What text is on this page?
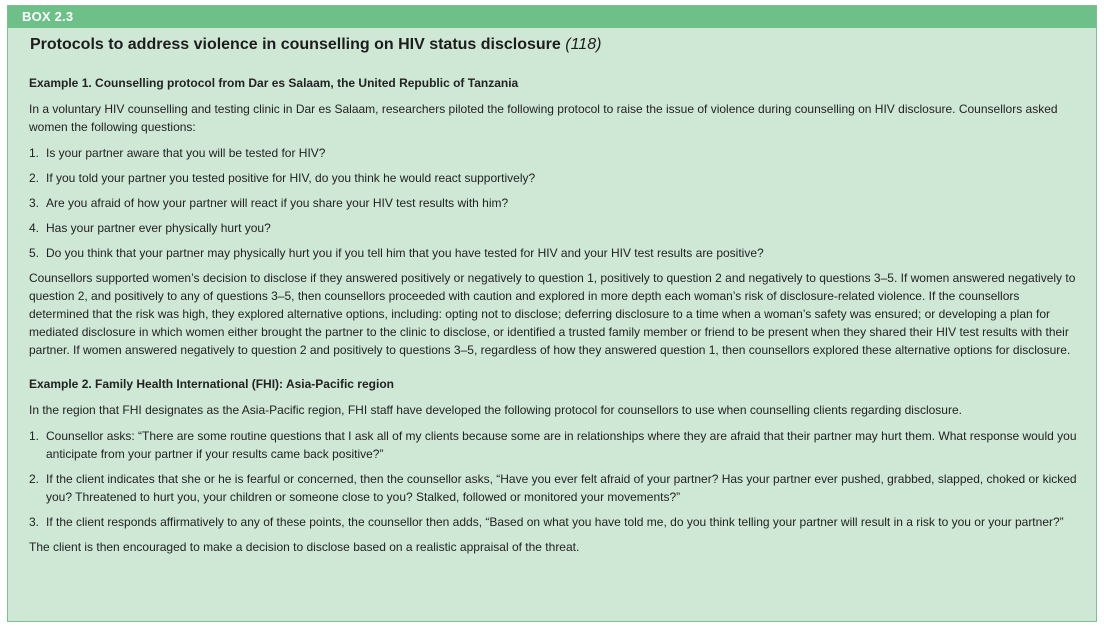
BOX 2.3
Protocols to address violence in counselling on HIV status disclosure (118)
Example 1. Counselling protocol from Dar es Salaam, the United Republic of Tanzania

In a voluntary HIV counselling and testing clinic in Dar es Salaam, researchers piloted the following protocol to raise the issue of violence during counselling on HIV disclosure. Counsellors asked women the following questions:

1. Is your partner aware that you will be tested for HIV?
2. If you told your partner you tested positive for HIV, do you think he would react supportively?
3. Are you afraid of how your partner will react if you share your HIV test results with him?
4. Has your partner ever physically hurt you?
5. Do you think that your partner may physically hurt you if you tell him that you have tested for HIV and your HIV test results are positive?

Counsellors supported women’s decision to disclose if they answered positively or negatively to question 1, positively to question 2 and negatively to questions 3–5. If women answered negatively to question 2, and positively to any of questions 3–5, then counsellors proceeded with caution and explored in more depth each woman’s risk of disclosure-related violence. If the counsellors determined that the risk was high, they explored alternative options, including: opting not to disclose; deferring disclosure to a time when a woman’s safety was ensured; or developing a plan for mediated disclosure in which women either brought the partner to the clinic to disclose, or identified a trusted family member or friend to be present when they shared their HIV test results with their partner. If women answered negatively to question 2 and positively to questions 3–5, regardless of how they answered question 1, then counsellors explored these alternative options for disclosure.

Example 2. Family Health International (FHI): Asia-Pacific region

In the region that FHI designates as the Asia-Pacific region, FHI staff have developed the following protocol for counsellors to use when counselling clients regarding disclosure.

1. Counsellor asks: “There are some routine questions that I ask all of my clients because some are in relationships where they are afraid that their partner may hurt them. What response would you anticipate from your partner if your results came back positive?”
2. If the client indicates that she or he is fearful or concerned, then the counsellor asks, “Have you ever felt afraid of your partner? Has your partner ever pushed, grabbed, slapped, choked or kicked you? Threatened to hurt you, your children or someone close to you? Stalked, followed or monitored your movements?”
3. If the client responds affirmatively to any of these points, the counsellor then adds, “Based on what you have told me, do you think telling your partner will result in a risk to you or your partner?”

The client is then encouraged to make a decision to disclose based on a realistic appraisal of the threat.
